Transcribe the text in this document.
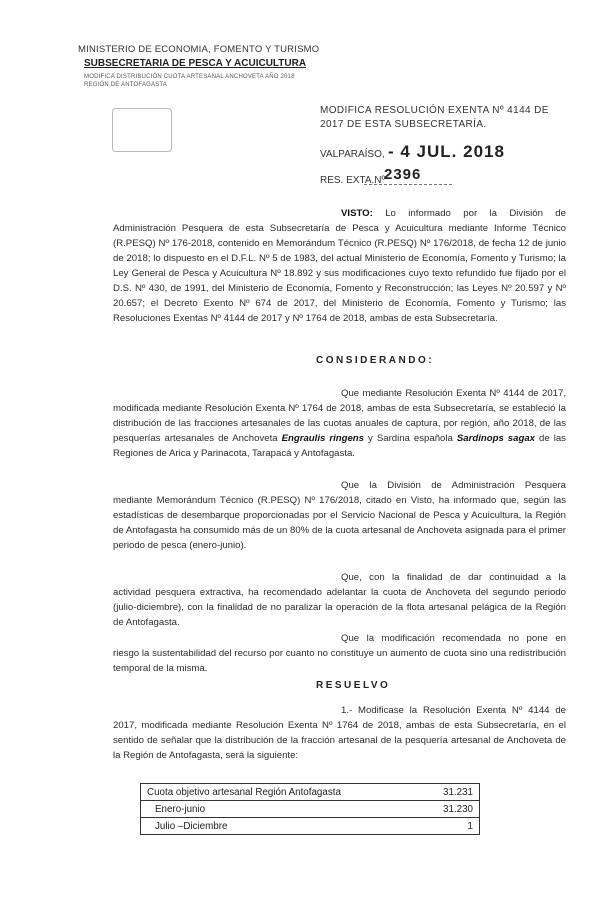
MINISTERIO DE ECONOMIA, FOMENTO Y TURISMO
SUBSECRETARIA DE PESCA Y ACUICULTURA
MODIFICA DISTRIBUCIÓN CUOTA ARTESANAL ANCHOVETA AÑO 2018
REGIÓN DE ANTOFAGASTA
MODIFICA RESOLUCIÓN EXENTA Nº 4144 DE
2017 DE ESTA SUBSECRETARÍA.
VALPARAÍSO, - 4 JUL. 2018
RES. EXTA.Nº
2396
VISTO: Lo informado por la División de Administración Pesquera de esta Subsecretaría de Pesca y Acuicultura mediante Informe Técnico (R.PESQ) Nº 176-2018, contenido en Memorándum Técnico (R.PESQ) Nº 176/2018, de fecha 12 de junio de 2018; lo dispuesto en el D.F.L. Nº 5 de 1983, del actual Ministerio de Economía, Fomento y Turismo; la Ley General de Pesca y Acuicultura Nº 18.892 y sus modificaciones cuyo texto refundido fue fijado por el D.S. Nº 430, de 1991, del Ministerio de Economía, Fomento y Reconstrucción; las Leyes Nº 20.597 y Nº 20.657; el Decreto Exento Nº 674 de 2017, del Ministerio de Economía, Fomento y Turismo; las Resoluciones Exentas Nº 4144 de 2017 y Nº 1764 de 2018, ambas de esta Subsecretaría.
CONSIDERANDO:
Que mediante Resolución Exenta Nº 4144 de 2017, modificada mediante Resolución Exenta Nº 1764 de 2018, ambas de esta Subsecretaría, se estableció la distribución de las fracciones artesanales de las cuotas anuales de captura, por región, año 2018, de las pesquerías artesanales de Anchoveta Engraulis ringens y Sardina española Sardinops sagax de las Regiones de Arica y Parinacota, Tarapacá y Antofagasta.
Que la División de Administración Pesquera mediante Memorándum Técnico (R.PESQ) Nº 176/2018, citado en Visto, ha informado que, según las estadísticas de desembarque proporcionadas por el Servicio Nacional de Pesca y Acuicultura, la Región de Antofagasta ha consumido más de un 80% de la cuota artesanal de Anchoveta asignada para el primer periodo de pesca (enero-junio).
Que, con la finalidad de dar continuidad a la actividad pesquera extractiva, ha recomendado adelantar la cuota de Anchoveta del segundo periodo (julio-diciembre), con la finalidad de no paralizar la operación de la flota artesanal pelágica de la Región de Antofagasta.
Que la modificación recomendada no pone en riesgo la sustentabilidad del recurso por cuanto no constituye un aumento de cuota sino una redistribución temporal de la misma.
RESUELVO
1.- Modificase la Resolución Exenta Nº 4144 de 2017, modificada mediante Resolución Exenta Nº 1764 de 2018, ambas de esta Subsecretaría, en el sentido de señalar que la distribución de la fracción artesanal de la pesquería artesanal de Anchoveta de la Región de Antofagasta, será la siguiente:
Cuota objetivo artesanal Región Antofagasta	31.231
Enero-junio	31.230
Julio –Diciembre	1
